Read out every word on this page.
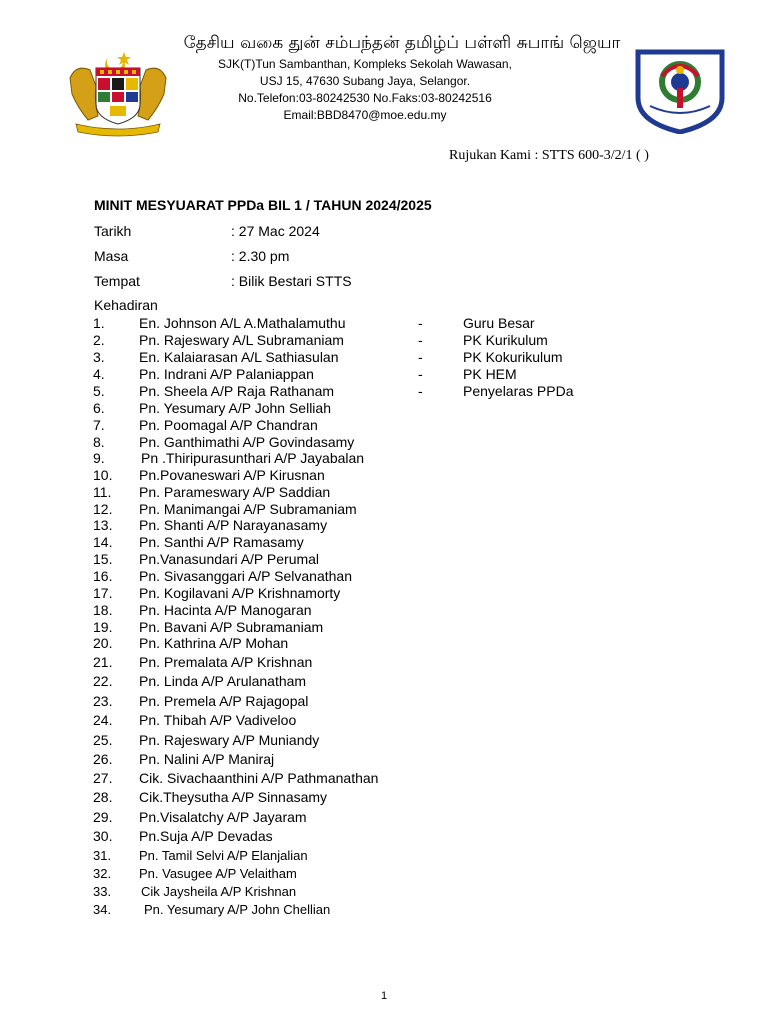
தேசிய வகை துன் சம்பந்தன் தமிழ்ப் பள்ளி சுபாங் ஜெயா
SJK(T)Tun Sambanthan, Kompleks Sekolah Wawasan,
USJ 15, 47630 Subang Jaya, Selangor.
No.Telefon:03-80242530 No.Faks:03-80242516
Email:BBD8470@moe.edu.my
Rujukan Kami : STTS 600-3/2/1 ( )
MINIT MESYUARAT PPDa BIL 1 / TAHUN 2024/2025
Tarikh	: 27 Mac 2024
Masa	: 2.30 pm
Tempat	: Bilik Bestari STTS
Kehadiran
1. En. Johnson A/L A.Mathalamuthu	-	Guru Besar
2. Pn. Rajeswary A/L Subramaniam	-	PK Kurikulum
3. En. Kalaiarasan A/L Sathiasulan	-	PK Kokurikulum
4. Pn. Indrani A/P Palaniappan	-	PK HEM
5. Pn. Sheela A/P Raja Rathanam	-	Penyelaras PPDa
6. Pn. Yesumary A/P John Selliah
7. Pn. Poomagal A/P Chandran
8. Pn. Ganthimathi A/P Govindasamy
9.	Pn .Thiripurasunthari A/P Jayabalan
10. Pn.Povaneswari A/P Kirusnan
11. Pn. Parameswary A/P Saddian
12. Pn. Manimangai A/P Subramaniam
13. Pn. Shanti A/P Narayanasamy
14. Pn. Santhi A/P Ramasamy
15. Pn.Vanasundari A/P Perumal
16. Pn. Sivasanggari A/P Selvanathan
17. Pn. Kogilavani A/P Krishnamorty
18. Pn. Hacinta A/P Manogaran
19. Pn. Bavani A/P Subramaniam
20. Pn. Kathrina A/P Mohan
21. Pn. Premalata A/P Krishnan
22. Pn. Linda A/P Arulanatham
23. Pn. Premela A/P Rajagopal
24. Pn. Thibah A/P Vadiveloo
25. Pn. Rajeswary A/P Muniandy
26. Pn. Nalini A/P Maniraj
27. Cik. Sivachaanthini A/P Pathmanathan
28. Cik.Theysutha A/P Sinnasamy
29. Pn.Visalatchy A/P Jayaram
30. Pn.Suja A/P Devadas
31. Pn. Tamil Selvi A/P Elanjalian
32. Pn. Vasugee A/P Velaitham
33. Cik Jaysheila A/P Krishnan
34.	Pn. Yesumary A/P John Chellian
1
